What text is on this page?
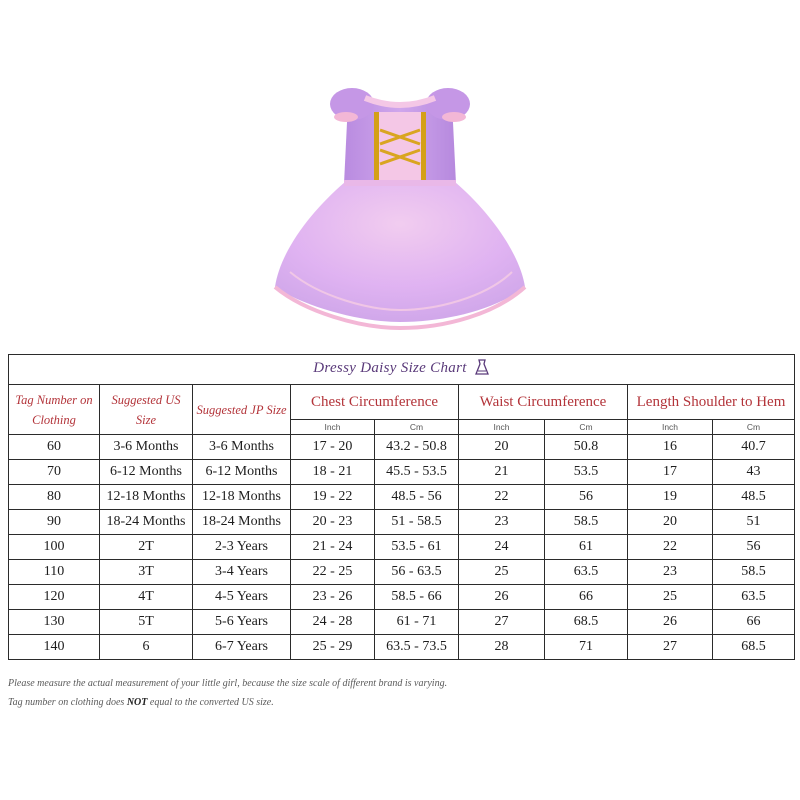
Dressy Daisy Size Chart								
Tag Number on Clothing	Suggested US Size	Suggested JP Size	Chest Circumference		Waist Circumference		Length Shoulder to Hem	
			Inch	Cm	Inch	Cm	Inch	Cm
60	3-6 Months	3-6 Months	17 - 20	43.2 - 50.8	20	50.8	16	40.7
70	6-12 Months	6-12 Months	18 - 21	45.5 - 53.5	21	53.5	17	43
80	12-18 Months	12-18 Months	19 - 22	48.5 - 56	22	56	19	48.5
90	18-24 Months	18-24 Months	20 - 23	51 - 58.5	23	58.5	20	51
100	2T	2-3 Years	21 - 24	53.5 - 61	24	61	22	56
110	3T	3-4 Years	22 - 25	56 - 63.5	25	63.5	23	58.5
120	4T	4-5 Years	23 - 26	58.5 - 66	26	66	25	63.5
130	5T	5-6 Years	24 - 28	61 - 71	27	68.5	26	66
140	6	6-7 Years	25 - 29	63.5 - 73.5	28	71	27	68.5
Please measure the actual measurement of your little girl, because the size scale of different brand is varying.
Tag number on clothing does NOT equal to the converted US size.
